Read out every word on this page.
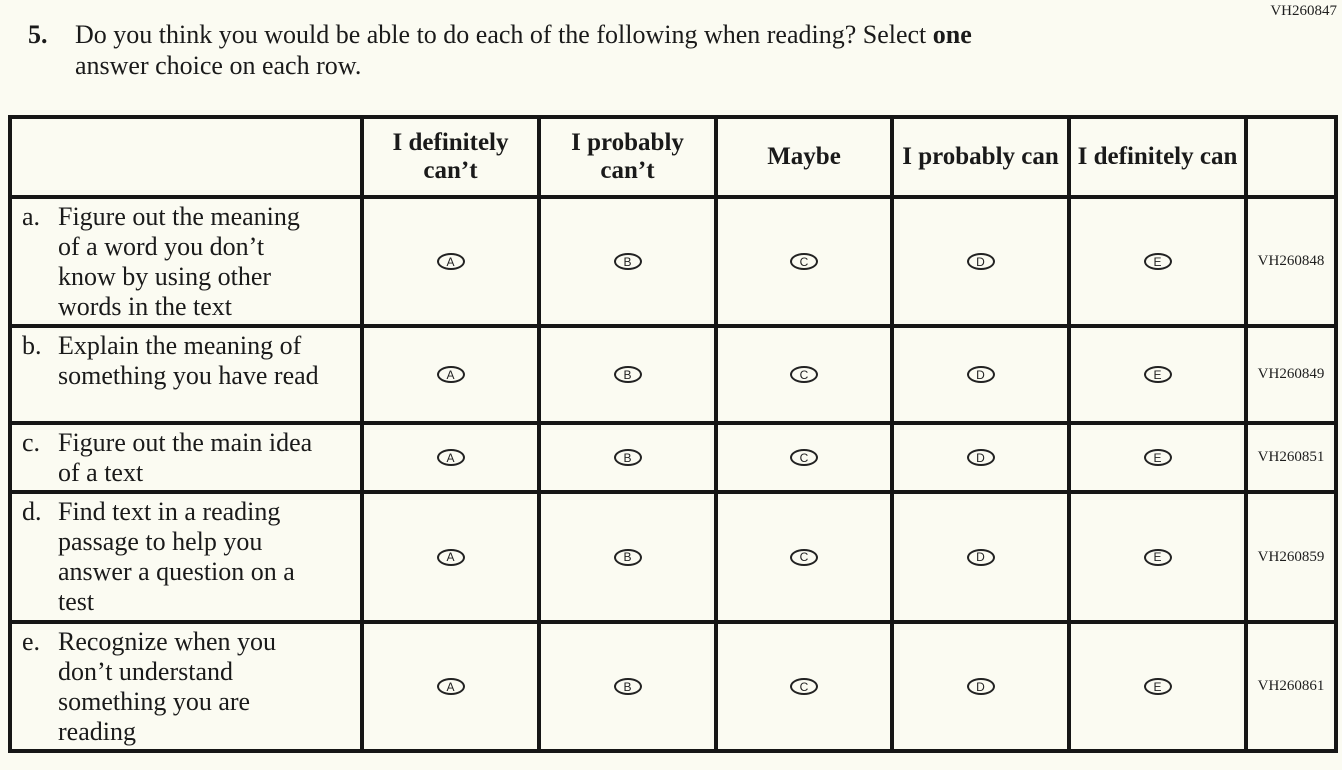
VH260847
5.	Do you think you would be able to do each of the following when reading? Select one
answer choice on each row.
	I definitely can’t	I probably can’t	Maybe	I probably can	I definitely can	
a. Figure out the meaning of a word you don’t know by using other words in the text	A	B	C	D	E	VH260848
b. Explain the meaning of something you have read	A	B	C	D	E	VH260849
c. Figure out the main idea of a text	A	B	C	D	E	VH260851
d. Find text in a reading passage to help you answer a question on a test	A	B	C	D	E	VH260859
e. Recognize when you don’t understand something you are reading	A	B	C	D	E	VH260861
